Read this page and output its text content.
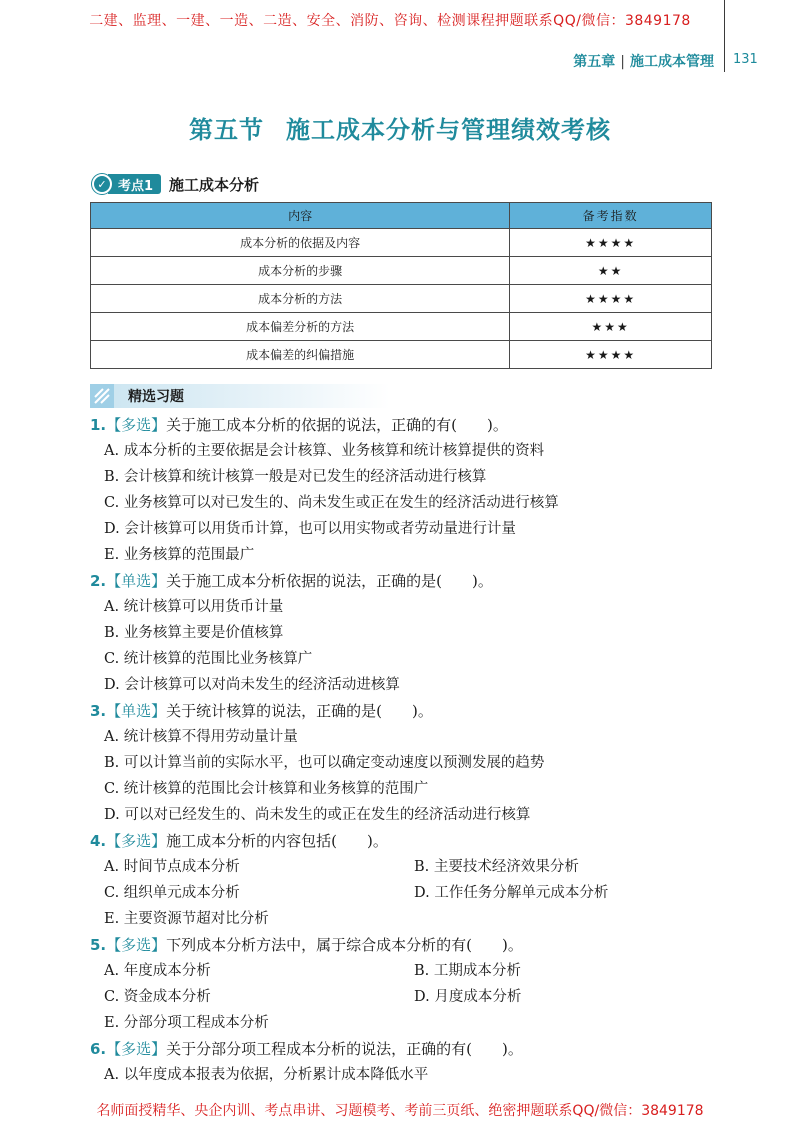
二建、监理、一建、一造、二造、安全、消防、咨询、检测课程押题联系QQ/微信：3849178
第五章 | 施工成本管理 131
第五节 施工成本分析与管理绩效考核
✓ 考点1	施工成本分析
内容	备考指数
成本分析的依据及内容	★★★★
成本分析的步骤	★★
成本分析的方法	★★★★
成本偏差分析的方法	★★★
成本偏差的纠偏措施	★★★★
精选习题
1.【多选】关于施工成本分析的依据的说法，正确的有(　　)。
A. 成本分析的主要依据是会计核算、业务核算和统计核算提供的资料
B. 会计核算和统计核算一般是对已发生的经济活动进行核算
C. 业务核算可以对已发生的、尚未发生或正在发生的经济活动进行核算
D. 会计核算可以用货币计算，也可以用实物或者劳动量进行计量
E. 业务核算的范围最广
2.【单选】关于施工成本分析依据的说法，正确的是(　　)。
A. 统计核算可以用货币计量
B. 业务核算主要是价值核算
C. 统计核算的范围比业务核算广
D. 会计核算可以对尚未发生的经济活动进核算
3.【单选】关于统计核算的说法，正确的是(　　)。
A. 统计核算不得用劳动量计量
B. 可以计算当前的实际水平，也可以确定变动速度以预测发展的趋势
C. 统计核算的范围比会计核算和业务核算的范围广
D. 可以对已经发生的、尚未发生的或正在发生的经济活动进行核算
4.【多选】施工成本分析的内容包括(　　)。
A. 时间节点成本分析	B. 主要技术经济效果分析
C. 组织单元成本分析	D. 工作任务分解单元成本分析
E. 主要资源节超对比分析
5.【多选】下列成本分析方法中，属于综合成本分析的有(　　)。
A. 年度成本分析	B. 工期成本分析
C. 资金成本分析	D. 月度成本分析
E. 分部分项工程成本分析
6.【多选】关于分部分项工程成本分析的说法，正确的有(　　)。
A. 以年度成本报表为依据，分析累计成本降低水平
名师面授精华、央企内训、考点串讲、习题模考、考前三页纸、绝密押题联系QQ/微信：3849178
